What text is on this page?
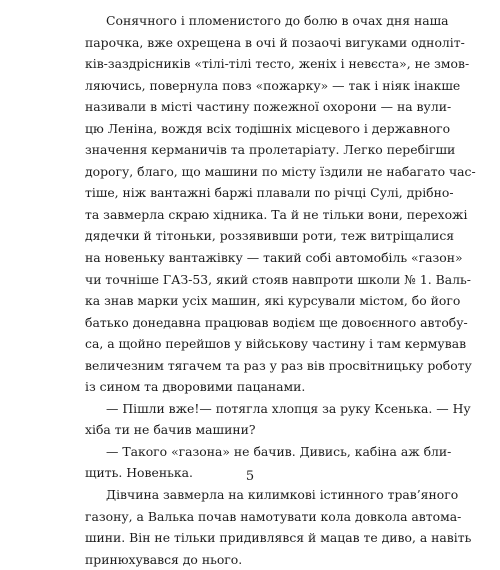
Сонячного і пломенистого до болю в очах дня наша
парочка, вже охрещена в очі й позаочі вигуками однолiт-
ків-заздрісників «тілі-тілі тесто, женіх і невєста», не змов-
ляючись, повернула повз «пожарку» — так і ніяк інакше
називали в місті частину пожежної охорони — на вули-
цю Леніна, вождя всіх тодішніх місцевого і державного
значення керманичів та пролетаріату. Легко перебігши
дорогу, благо, що машини по місту їздили не набагато час-
тіше, ніж вантажні баржі плавали по річці Сулі, дрібно-
та завмерла скраю хідника. Та й не тільки вони, перехожі
дядечки й тітоньки, роззявивши роти, теж витріщалися
на новеньку вантажівку — такий собі автомобіль «газон»
чи точніше ГАЗ-53, який стояв навпроти школи № 1. Валь-
ка знав марки усіх машин, які курсували містом, бо його
батько донедавна працював водієм ще довоєнного автобу-
са, а щойно перейшов у військову частину і там кермував
величезним тягачем та раз у раз вів просвітницьку роботу
із сином та дворовими пацанами.
— Пішли вже!— потягла хлопця за руку Ксенька. — Ну
хіба ти не бачив машини?
— Такого «газона» не бачив. Дивись, кабіна аж бли-
щить. Новенька.
Дівчина завмерла на килимкові істинного трав’яного
газону, а Валька почав намотувати кола довкола автома-
шини. Він не тільки придивлявся й мацав те диво, а навіть
принюхувався до нього.
5
